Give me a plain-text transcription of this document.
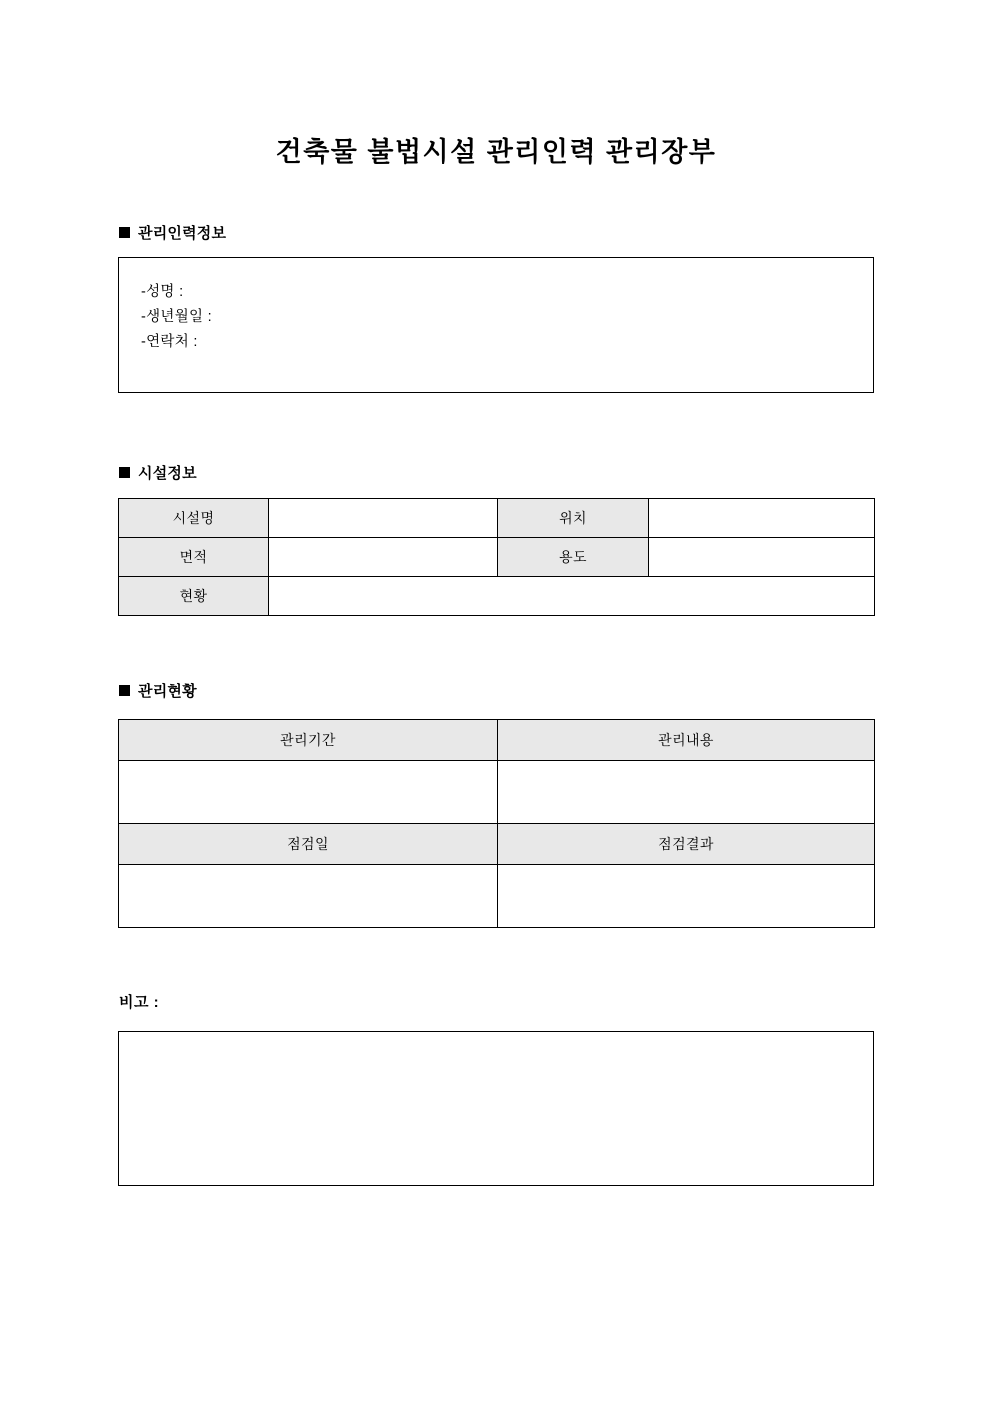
건축물 불법시설 관리인력 관리장부
관리인력정보
-성명 :
-생년월일 :
-연락처 :
시설정보
시설명		위치	
면적		용도	
현황			
관리현황
관리기간	관리내용

점검일	점검결과

비고 :
